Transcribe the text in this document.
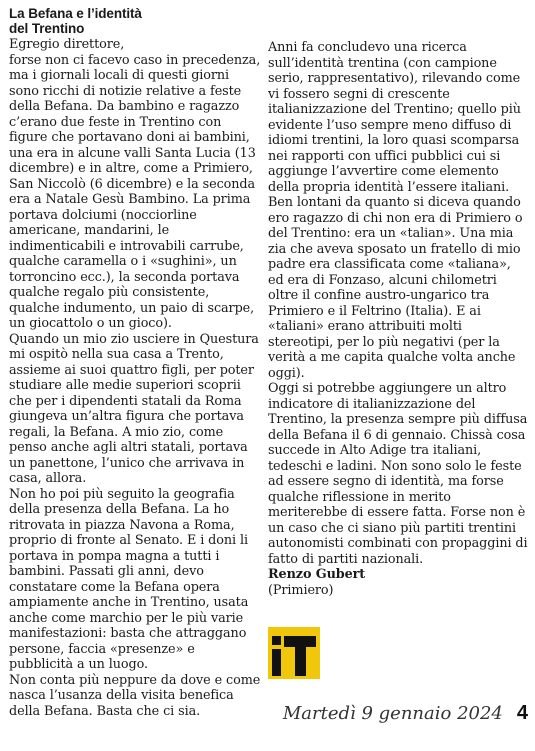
La Befana e l’identità
del Trentino

Egregio direttore,

forse non ci facevo caso in precedenza, ma i giornali locali di questi giorni sono ricchi di notizie relative a feste della Befana. Da bambino e ragazzo c’erano due feste in Trentino con figure che portavano doni ai bambini, una era in alcune valli Santa Lucia (13 dicembre) e in altre, come a Primiero, San Niccolò (6 dicembre) e la seconda era a Natale Gesù Bambino. La prima portava dolciumi (nocciorline americane, mandarini, le indimenticabili e introvabili carrube, qualche caramella o i «sughini», un torroncino ecc.), la seconda portava qualche regalo più consistente, qualche indumento, un paio di scarpe, un giocattolo o un gioco).

Quando un mio zio usciere in Questura mi ospitò nella sua casa a Trento, assieme ai suoi quattro figli, per poter studiare alle medie superiori scoprii che per i dipendenti statali da Roma giungeva un’altra figura che portava regali, la Befana. A mio zio, come penso anche agli altri statali, portava un panettone, l’unico che arrivava in casa, allora.

Non ho poi più seguito la geografia della presenza della Befana. La ho ritrovata in piazza Navona a Roma, proprio di fronte al Senato. E i doni li portava in pompa magna a tutti i bambini. Passati gli anni, devo constatare come la Befana opera ampiamente anche in Trentino, usata anche come marchio per le più varie manifestazioni: basta che attraggano persone, faccia «presenze» e pubblicità a un luogo.

Non conta più neppure da dove e come nasca l’usanza della visita benefica della Befana. Basta che ci sia.

Anni fa concludevo una ricerca sull’identità trentina (con campione serio, rappresentativo), rilevando come vi fossero segni di crescente italianizzazione del Trentino; quello più evidente l’uso sempre meno diffuso di idiomi trentini, la loro quasi scomparsa nei rapporti con uffici pubblici cui si aggiunge l’avvertire come elemento della propria identità l’essere italiani. Ben lontani da quanto si diceva quando ero ragazzo di chi non era di Primiero o del Trentino: era un «talian». Una mia zia che aveva sposato un fratello di mio padre era classificata come «taliana», ed era di Fonzaso, alcuni chilometri oltre il confine austro-ungarico tra Primiero e il Feltrino (Italia). E ai «taliani» erano attribuiti molti stereotipi, per lo più negativi (per la verità a me capita qualche volta anche oggi).

Oggi si potrebbe aggiungere un altro indicatore di italianizzazione del Trentino, la presenza sempre più diffusa della Befana il 6 di gennaio. Chissà cosa succede in Alto Adige tra italiani, tedeschi e ladini. Non sono solo le feste ad essere segno di identità, ma forse qualche riflessione in merito meriterebbe di essere fatta. Forse non è un caso che ci siano più partiti trentini autonomisti combinati con propaggini di fatto di partiti nazionali.

Renzo Gubert

(Primiero)

Martedì 9 gennaio 2024 4
